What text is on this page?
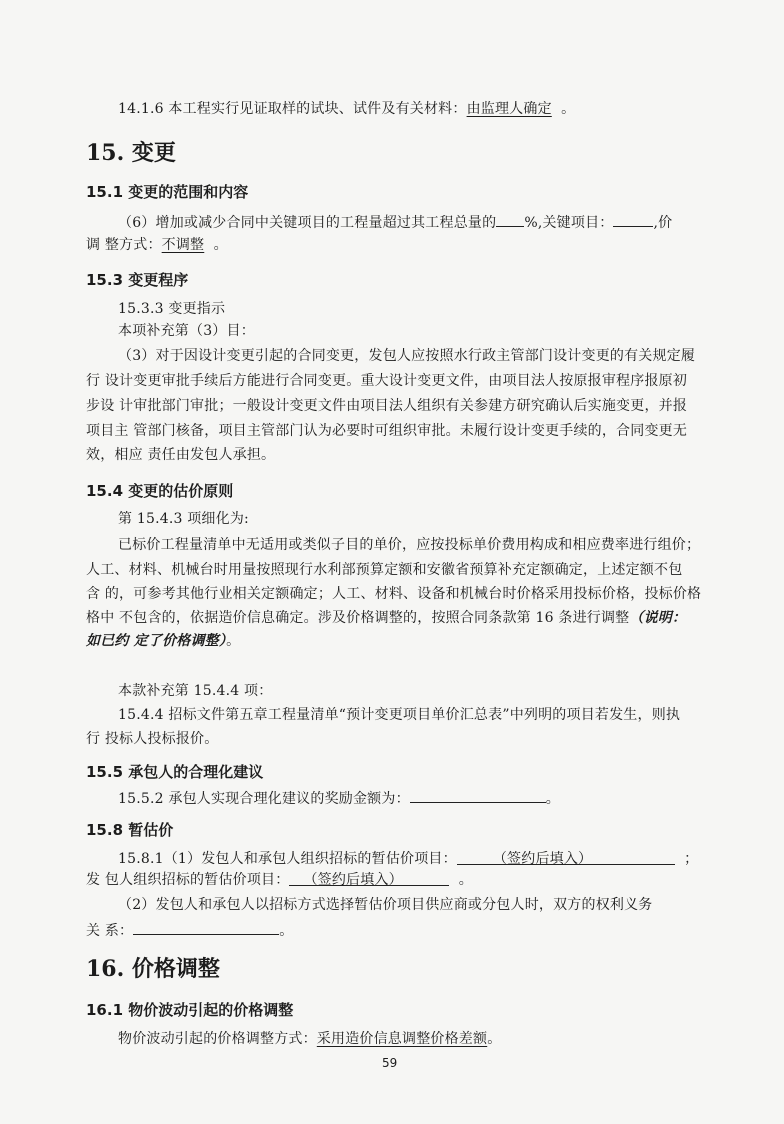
14.1.6 本工程实行见证取样的试块、试件及有关材料：由监理人确定 。
15. 变更
15.1 变更的范围和内容
（6）增加或减少合同中关键项目的工程量超过其工程总量的 %,关键项目：	,价
调 整方式：不调整 。
15.3 变更程序
15.3.3 变更指示
本项补充第（3）目：
（3）对于因设计变更引起的合同变更，发包人应按照水行政主管部门设计变更的有关规定履
行 设计变更审批手续后方能进行合同变更。重大设计变更文件，由项目法人按原报审程序报原初
步设 计审批部门审批；一般设计变更文件由项目法人组织有关参建方研究确认后实施变更，并报
项目主 管部门核备，项目主管部门认为必要时可组织审批。未履行设计变更手续的，合同变更无
效，相应 责任由发包人承担。
15.4 变更的估价原则
第 15.4.3 项细化为:
已标价工程量清单中无适用或类似子目的单价，应按投标单价费用构成和相应费率进行组价；
人工、材料、机械台时用量按照现行水利部预算定额和安徽省预算补充定额确定，上述定额不包
含 的，可参考其他行业相关定额确定；人工、材料、设备和机械台时价格采用投标价格，投标价格
格中 不包含的，依据造价信息确定。涉及价格调整的，按照合同条款第 16 条进行调整（说明：
如已约 定了价格调整）。
本款补充第 15.4.4 项：
15.4.4 招标文件第五章工程量清单“预计变更项目单价汇总表”中列明的项目若发生，则执
行 投标人投标报价。
15.5 承包人的合理化建议
15.5.2 承包人实现合理化建议的奖励金额为：	。
15.8 暂估价
15.8.1（1）发包人和承包人组织招标的暂估价项目：	（签约后填入）	；
发 包人组织招标的暂估价项目： （签约后填入）	。
（2）发包人和承包人以招标方式选择暂估价项目供应商或分包人时，双方的权利义务
关 系：	。
16. 价格调整
16.1 物价波动引起的价格调整
物价波动引起的价格调整方式：采用造价信息调整价格差额。
59
